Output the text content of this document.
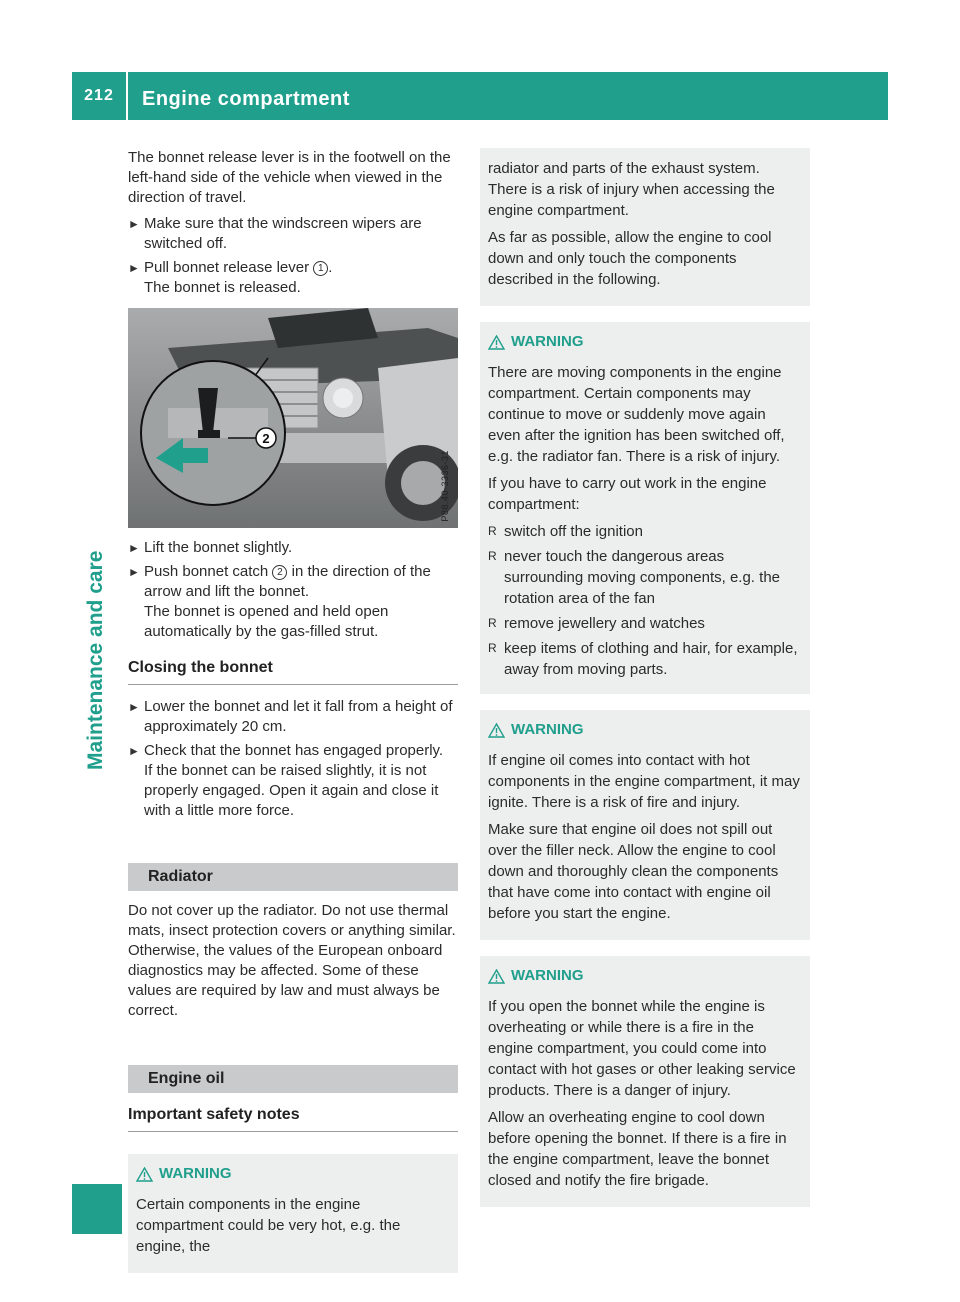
212	Engine compartment
Maintenance and care

The bonnet release lever is in the footwell on the left-hand side of the vehicle when viewed in the direction of travel.

► Make sure that the windscreen wipers are switched off.
► Pull bonnet release lever 1 .
The bonnet is released.
2
P88.40-3336-31
► Lift the bonnet slightly.
► Push bonnet catch 2 in the direction of the arrow and lift the bonnet.
The bonnet is opened and held open automatically by the gas-filled strut.
Closing the bonnet
► Lower the bonnet and let it fall from a height of approximately 20 cm.
► Check that the bonnet has engaged properly.
If the bonnet can be raised slightly, it is not properly engaged. Open it again and close it with a little more force.
Radiator

Do not cover up the radiator. Do not use thermal mats, insect protection covers or anything similar. Otherwise, the values of the European onboard diagnostics may be affected. Some of these values are required by law and must always be correct.

Engine oil
Important safety notes
WARNING

Certain components in the engine compartment could be very hot, e.g. the engine, the

radiator and parts of the exhaust system. There is a risk of injury when accessing the engine compartment.

As far as possible, allow the engine to cool down and only touch the components described in the following.

WARNING

There are moving components in the engine compartment. Certain components may continue to move or suddenly move again even after the ignition has been switched off, e.g. the radiator fan. There is a risk of injury.

If you have to carry out work in the engine compartment:

R switch off the ignition
R never touch the dangerous areas surrounding moving components, e.g. the rotation area of the fan
R remove jewellery and watches
R keep items of clothing and hair, for example, away from moving parts.
WARNING

If engine oil comes into contact with hot components in the engine compartment, it may ignite. There is a risk of fire and injury.

Make sure that engine oil does not spill out over the filler neck. Allow the engine to cool down and thoroughly clean the components that have come into contact with engine oil before you start the engine.

WARNING

If you open the bonnet while the engine is overheating or while there is a fire in the engine compartment, you could come into contact with hot gases or other leaking service products. There is a danger of injury.

Allow an overheating engine to cool down before opening the bonnet. If there is a fire in the engine compartment, leave the bonnet closed and notify the fire brigade.
